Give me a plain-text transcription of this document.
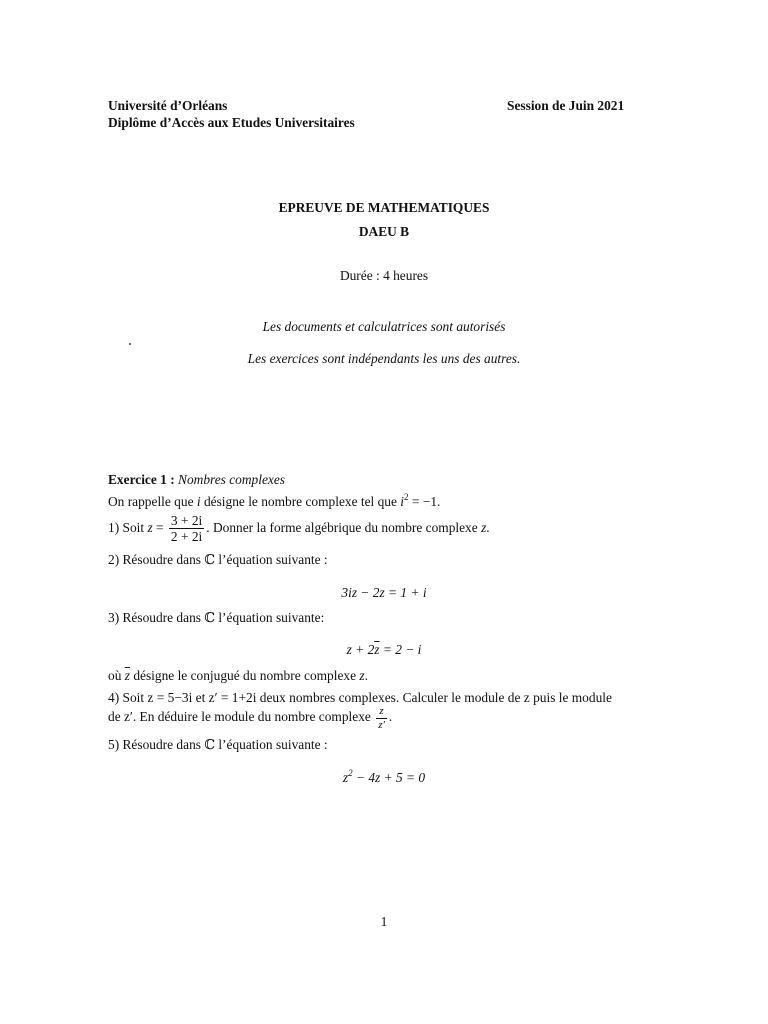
Université d’Orléans	Session de Juin 2021
Diplôme d’Accès aux Etudes Universitaires
EPREUVE DE MATHEMATIQUES
DAEU B
Durée : 4 heures
Les documents et calculatrices sont autorisés
Les exercices sont indépendants les uns des autres.
Exercice 1 : Nombres complexes
On rappelle que i désigne le nombre complexe tel que $i^2 = -1$.
1) Soit $z = \frac{3 + 2i}{2 + 2i}$ . Donner la forme algébrique du nombre complexe z.
2) Résoudre dans ℂ l’équation suivante :
3iz − 2z = 1 + i
3) Résoudre dans ℂ l’équation suivante:
$z + 2\overline{z} = 2 - i$
où $\overline{z}$ désigne le conjugué du nombre complexe z.
4) Soit z = 5−3i et z′ = 1+2i deux nombres complexes. Calculer le module de z puis le module
de z′. En déduire le module du nombre complexe $\frac{z}{z'}$ .
5) Résoudre dans ℂ l’équation suivante :
$z^2 - 4z + 5 = 0$
1
